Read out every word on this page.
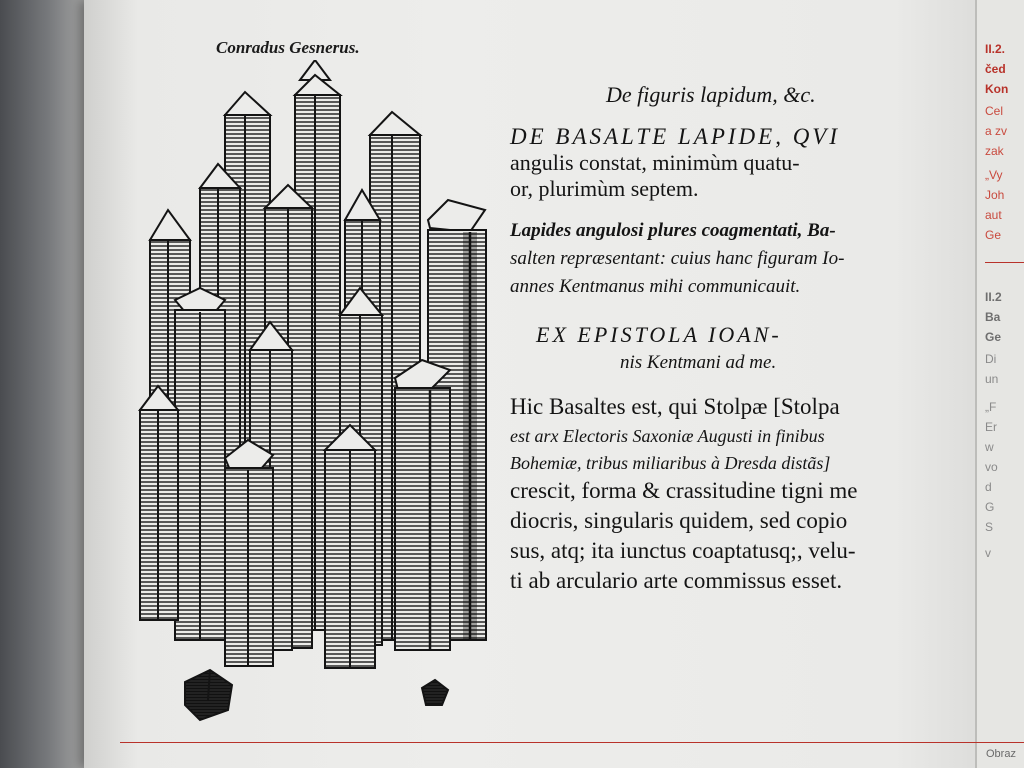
Conradus Gesnerus.
De figuris lapidum, &c.
DE BASALTE LAPIDE, QVI
angulis constat, minimùm quatu-
or, plurimùm septem.
Lapides angulosi plures coagmentati, Ba-
salten repræsentant: cuius hanc figuram Io-
annes Kentmanus mihi communicauit.
EX EPISTOLA IOAN-
nis Kentmani ad me.
Hic Basaltes est, qui Stolpæ [Stolpa
est arx Electoris Saxoniæ Augusti in finibus
Bohemiæ, tribus miliaribus à Dresda distãs]
crescit, forma & crassitudine tigni me
diocris, singularis quidem, sed copio
sus, atq; ita iunctus coaptatusq;, velu-
ti ab arculario arte commissus esset.
II.2.
čed
Kon
Cel
a zv
zak
„Vy
Joh
aut
Ge
II.2
Ba
Ge
Di
un
„F
Er
w
vo
d
G
S
v
Obraz
